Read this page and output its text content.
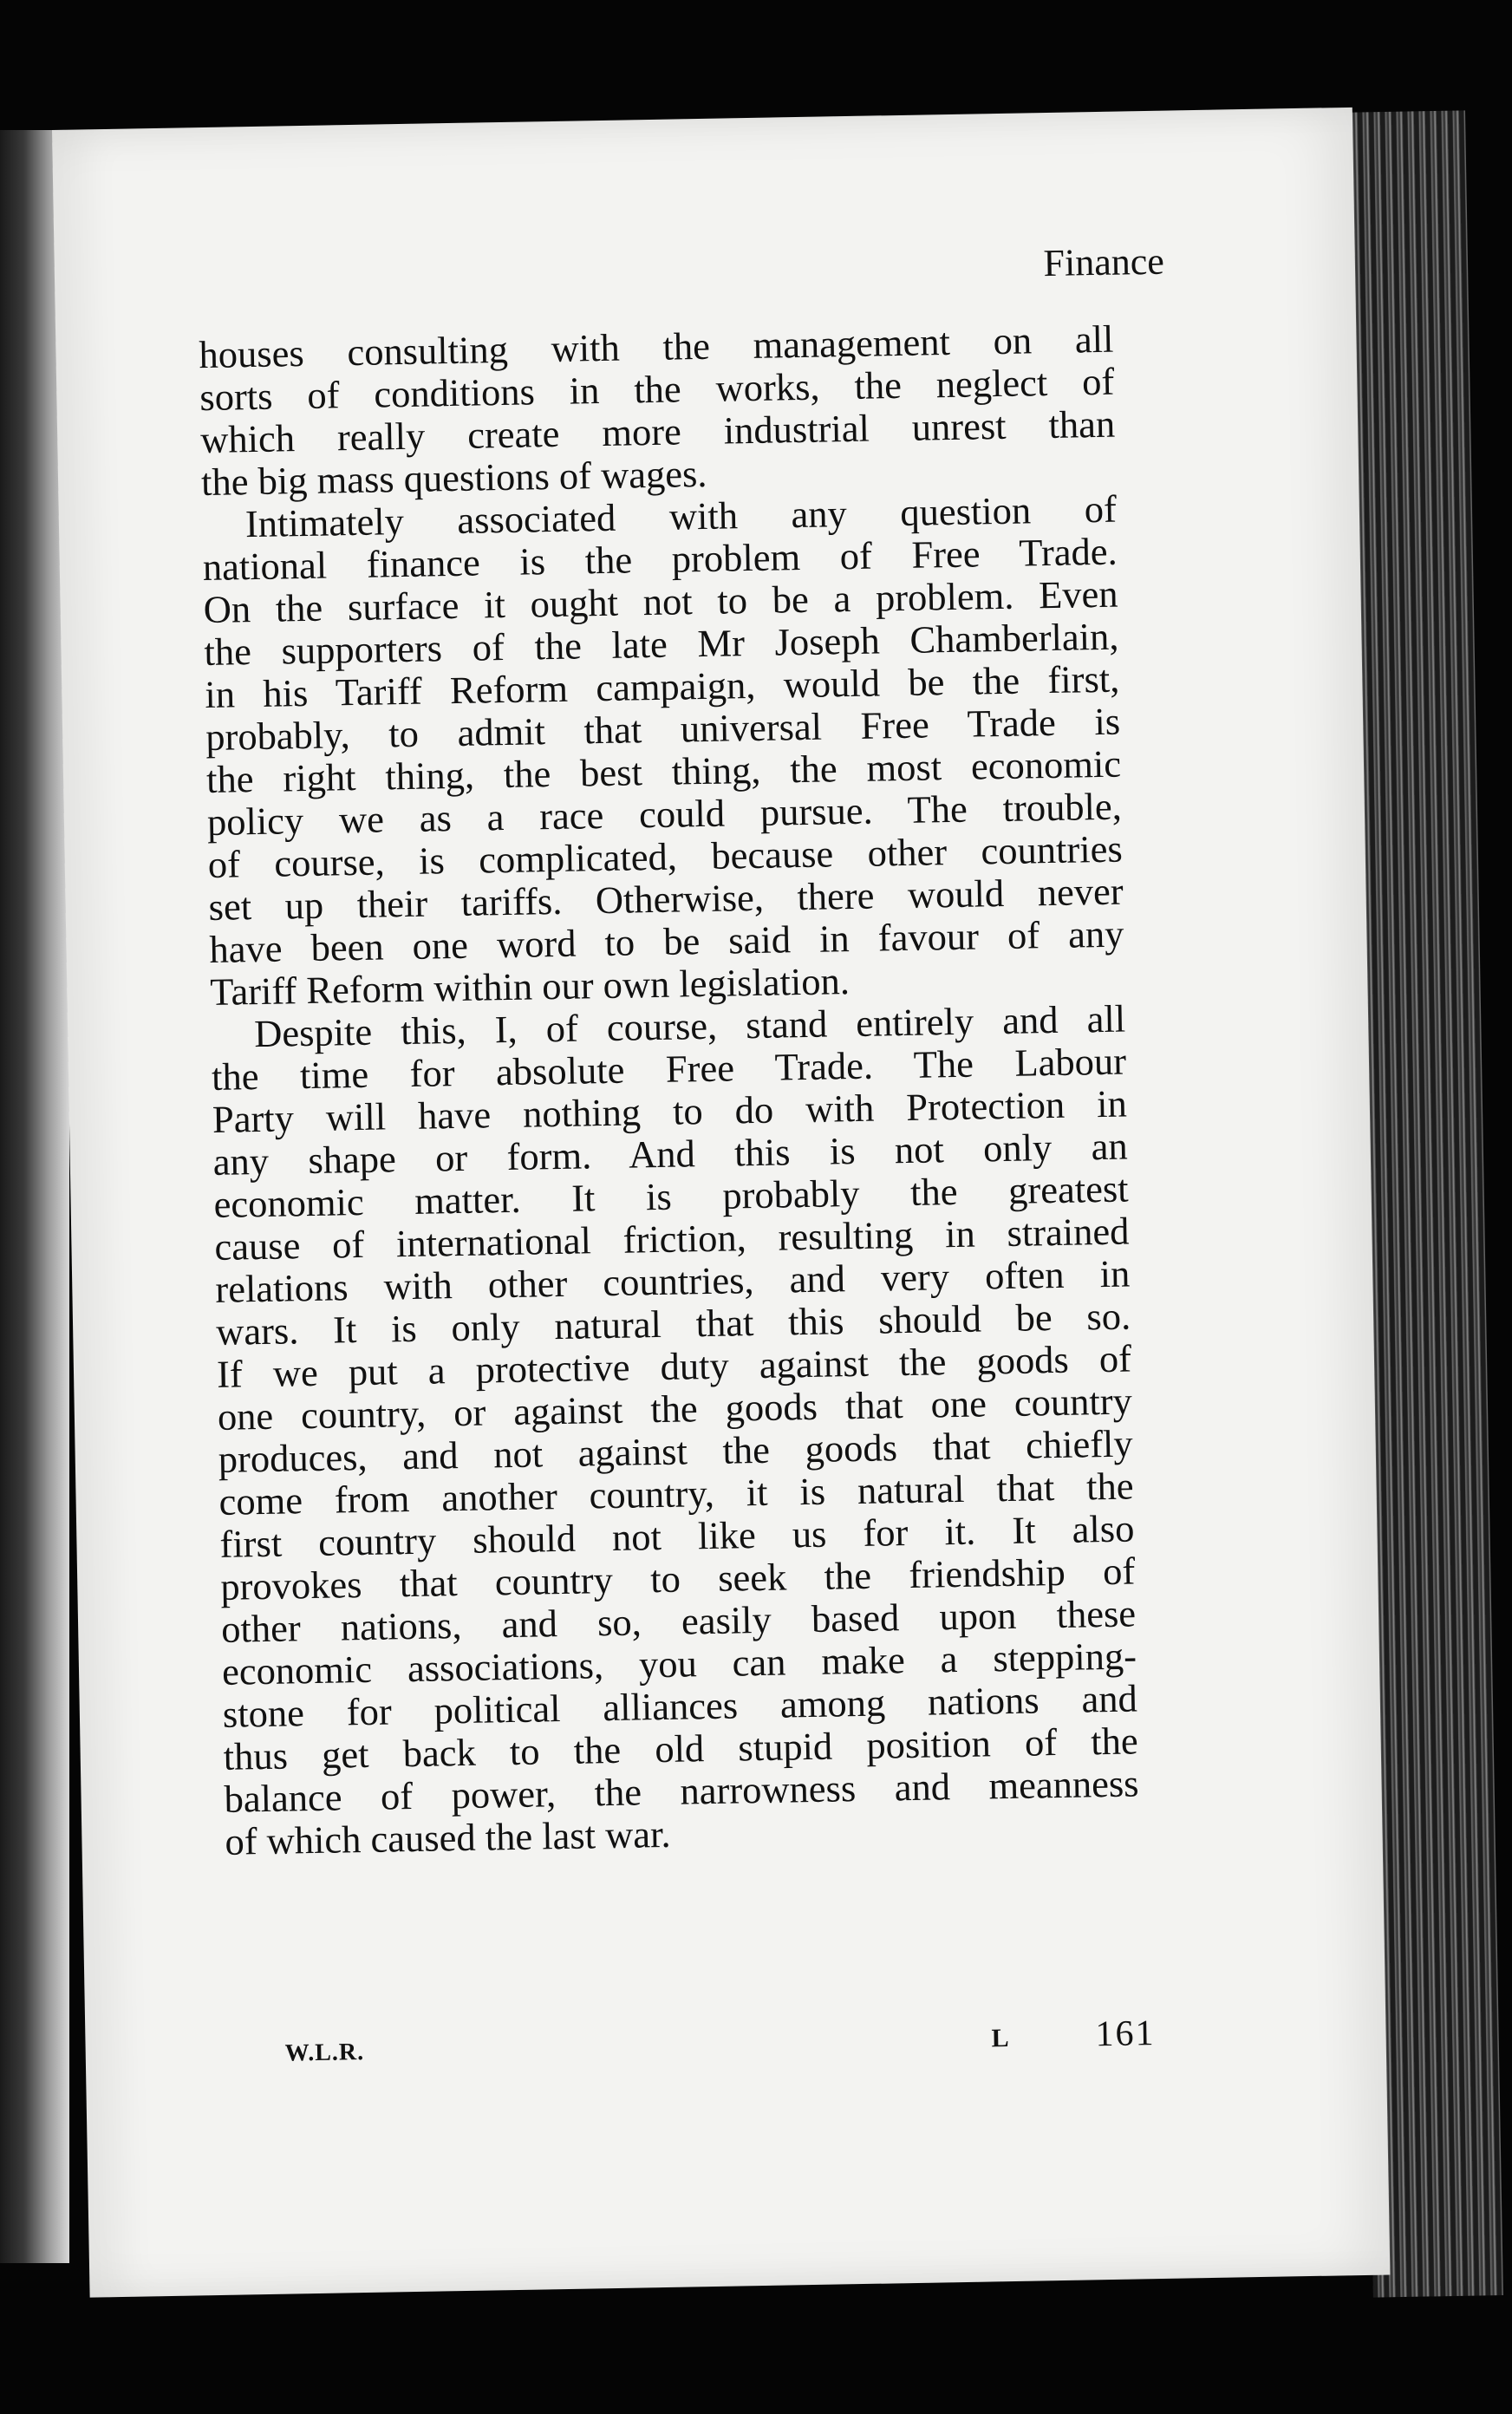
Finance

houses consulting with the management on all
sorts of conditions in the works, the neglect of
which really create more industrial unrest than
the big mass questions of wages.

Intimately associated with any question of
national finance is the problem of Free Trade.
On the surface it ought not to be a problem. Even
the supporters of the late Mr Joseph Chamberlain,
in his Tariff Reform campaign, would be the first,
probably, to admit that universal Free Trade is
the right thing, the best thing, the most economic
policy we as a race could pursue. The trouble,
of course, is complicated, because other countries
set up their tariffs. Otherwise, there would never
have been one word to be said in favour of any
Tariff Reform within our own legislation.

Despite this, I, of course, stand entirely and all
the time for absolute Free Trade. The Labour
Party will have nothing to do with Protection in
any shape or form. And this is not only an
economic matter. It is probably the greatest
cause of international friction, resulting in strained
relations with other countries, and very often in
wars. It is only natural that this should be so.
If we put a protective duty against the goods of
one country, or against the goods that one country
produces, and not against the goods that chiefly
come from another country, it is natural that the
first country should not like us for it. It also
provokes that country to seek the friendship of
other nations, and so, easily based upon these
economic associations, you can make a stepping-
stone for political alliances among nations and
thus get back to the old stupid position of the
balance of power, the narrowness and meanness
of which caused the last war.

W.L.R.	L 161
